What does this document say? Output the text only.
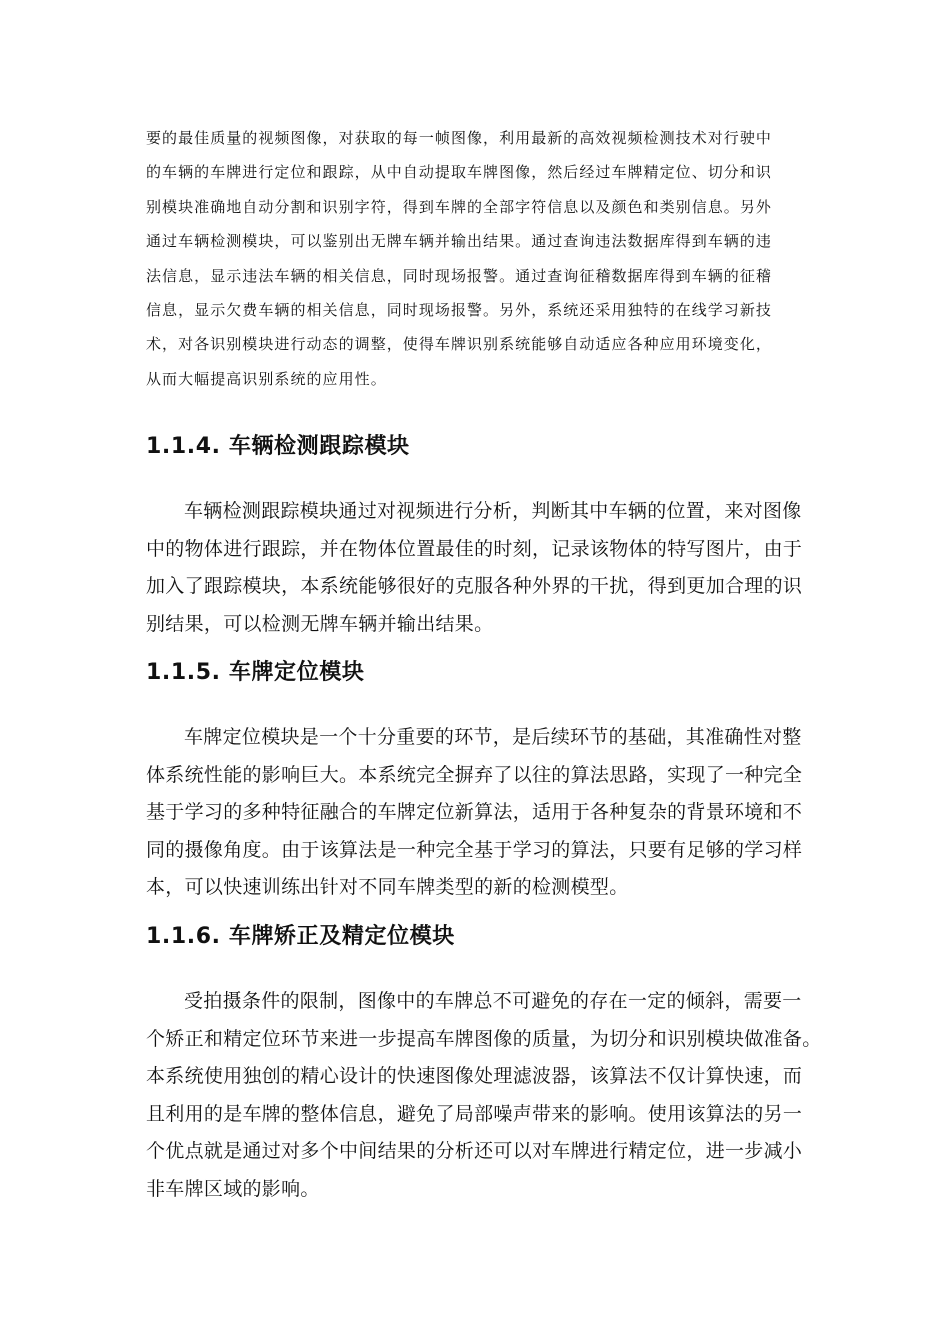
要的最佳质量的视频图像，对获取的每一帧图像，利用最新的高效视频检测技术对行驶中
的车辆的车牌进行定位和跟踪，从中自动提取车牌图像，然后经过车牌精定位、切分和识
别模块准确地自动分割和识别字符，得到车牌的全部字符信息以及颜色和类别信息。另外
通过车辆检测模块，可以鉴别出无牌车辆并输出结果。通过查询违法数据库得到车辆的违
法信息，显示违法车辆的相关信息，同时现场报警。通过查询征稽数据库得到车辆的征稽
信息，显示欠费车辆的相关信息，同时现场报警。另外，系统还采用独特的在线学习新技
术，对各识别模块进行动态的调整，使得车牌识别系统能够自动适应各种应用环境变化，
从而大幅提高识别系统的应用性。
1.1.4. 车辆检测跟踪模块
车辆检测跟踪模块通过对视频进行分析，判断其中车辆的位置，来对图像
中的物体进行跟踪，并在物体位置最佳的时刻，记录该物体的特写图片，由于
加入了跟踪模块，本系统能够很好的克服各种外界的干扰，得到更加合理的识
别结果，可以检测无牌车辆并输出结果。
1.1.5. 车牌定位模块
车牌定位模块是一个十分重要的环节，是后续环节的基础，其准确性对整
体系统性能的影响巨大。本系统完全摒弃了以往的算法思路，实现了一种完全
基于学习的多种特征融合的车牌定位新算法，适用于各种复杂的背景环境和不
同的摄像角度。由于该算法是一种完全基于学习的算法，只要有足够的学习样
本，可以快速训练出针对不同车牌类型的新的检测模型。
1.1.6. 车牌矫正及精定位模块
受拍摄条件的限制，图像中的车牌总不可避免的存在一定的倾斜，需要一
个矫正和精定位环节来进一步提高车牌图像的质量，为切分和识别模块做准备。
本系统使用独创的精心设计的快速图像处理滤波器，该算法不仅计算快速，而
且利用的是车牌的整体信息，避免了局部噪声带来的影响。使用该算法的另一
个优点就是通过对多个中间结果的分析还可以对车牌进行精定位，进一步减小
非车牌区域的影响。
